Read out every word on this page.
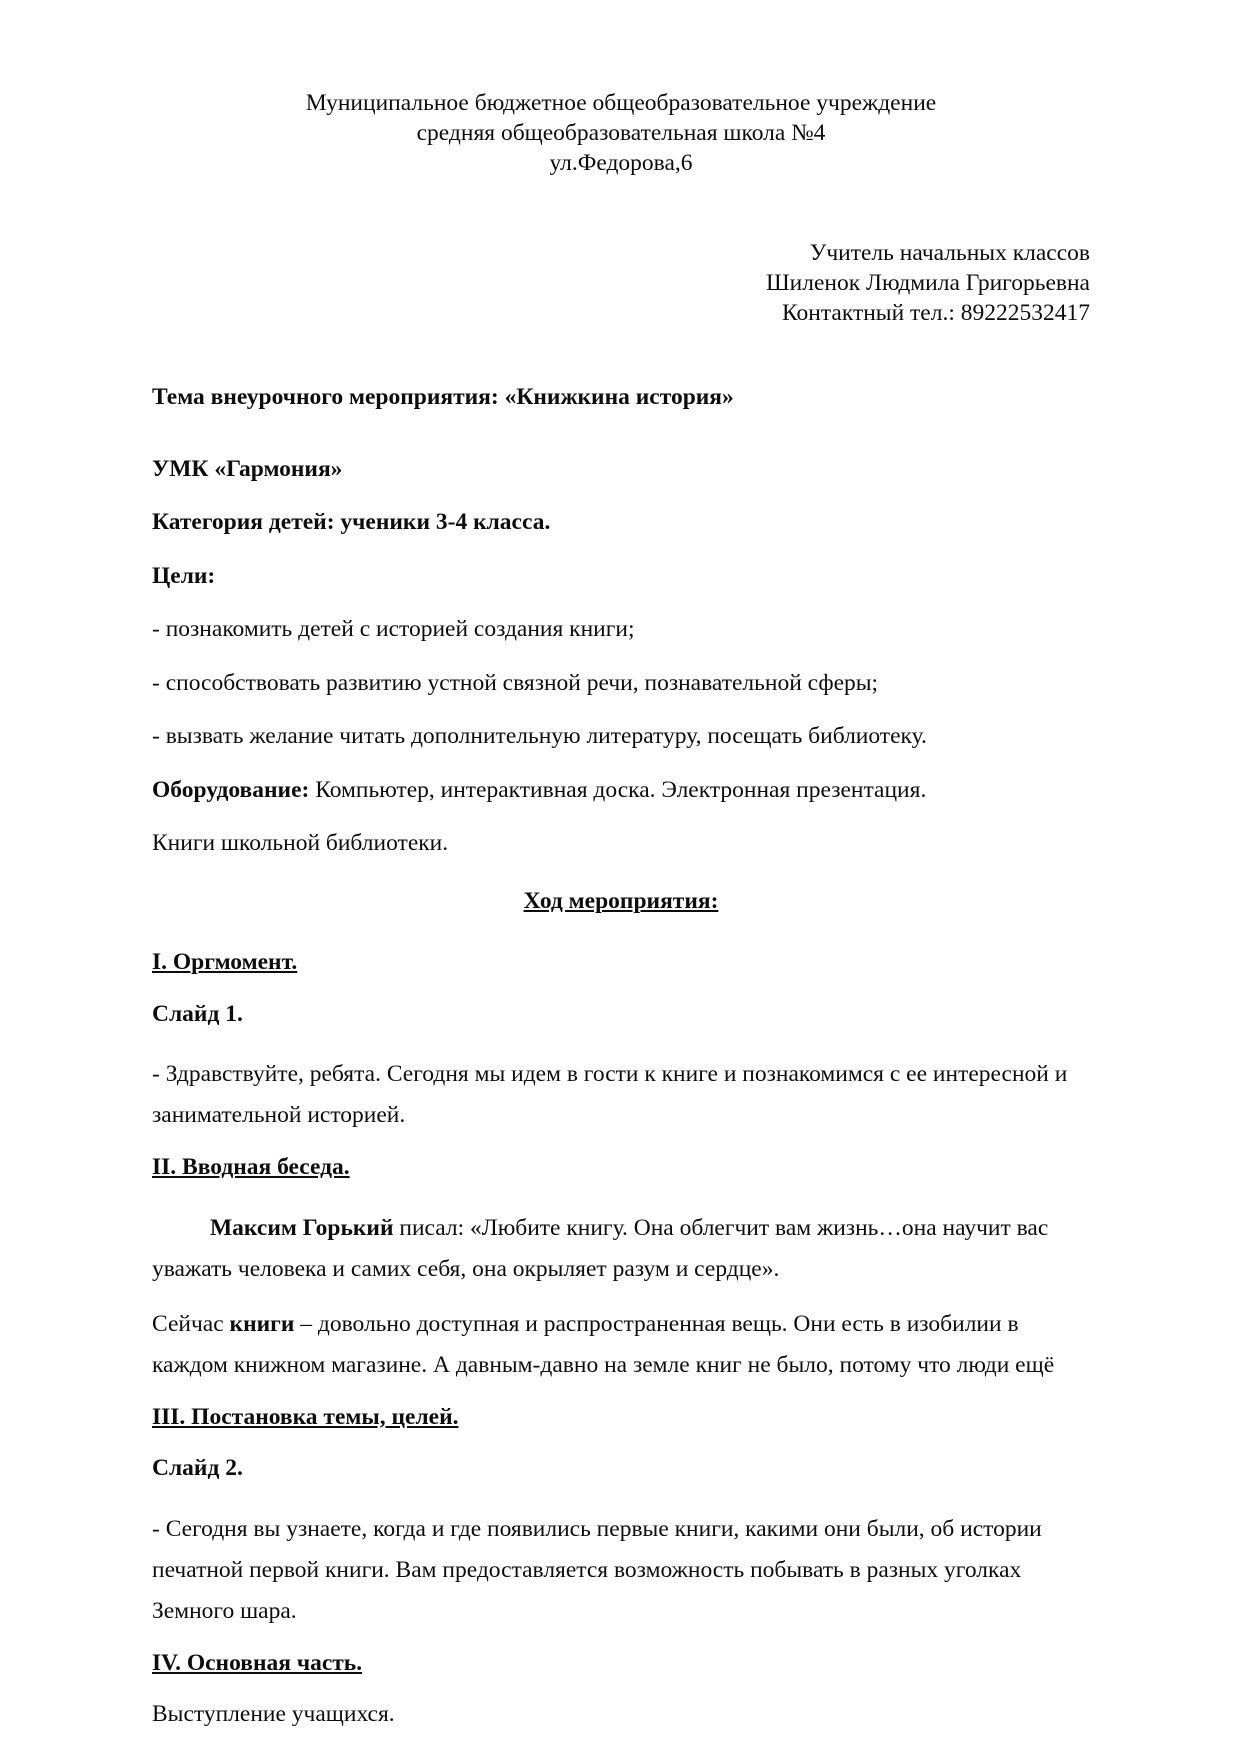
Муниципальное бюджетное общеобразовательное учреждение
средняя общеобразовательная школа №4
ул.Федорова,6
Учитель начальных классов
Шиленок Людмила Григорьевна
Контактный тел.: 89222532417
Тема внеурочного мероприятия: «Книжкина история»
УМК «Гармония»
Категория детей: ученики 3-4 класса.
Цели:
- познакомить детей с историей создания книги;
- способствовать развитию устной связной речи, познавательной сферы;
- вызвать желание читать дополнительную литературу, посещать библиотеку.
Оборудование: Компьютер, интерактивная доска. Электронная презентация.
Книги школьной библиотеки.
Ход мероприятия:
I. Оргмомент.
Слайд 1.
- Здравствуйте, ребята. Сегодня мы идем в гости к книге и познакомимся с ее интересной и занимательной историей.
II. Вводная беседа.
Максим Горький писал: «Любите книгу. Она облегчит вам жизнь…она научит вас уважать человека и самих себя, она окрыляет разум и сердце».
Сейчас книги – довольно доступная и распространенная вещь. Они есть в изобилии в каждом книжном магазине. А давным-давно на земле книг не было, потому что люди ещё
III. Постановка темы, целей.
Слайд 2.
- Сегодня вы узнаете, когда и где появились первые книги, какими они были, об истории печатной первой книги. Вам предоставляется возможность побывать в разных уголках Земного шара.
IV. Основная часть.
Выступление учащихся.
